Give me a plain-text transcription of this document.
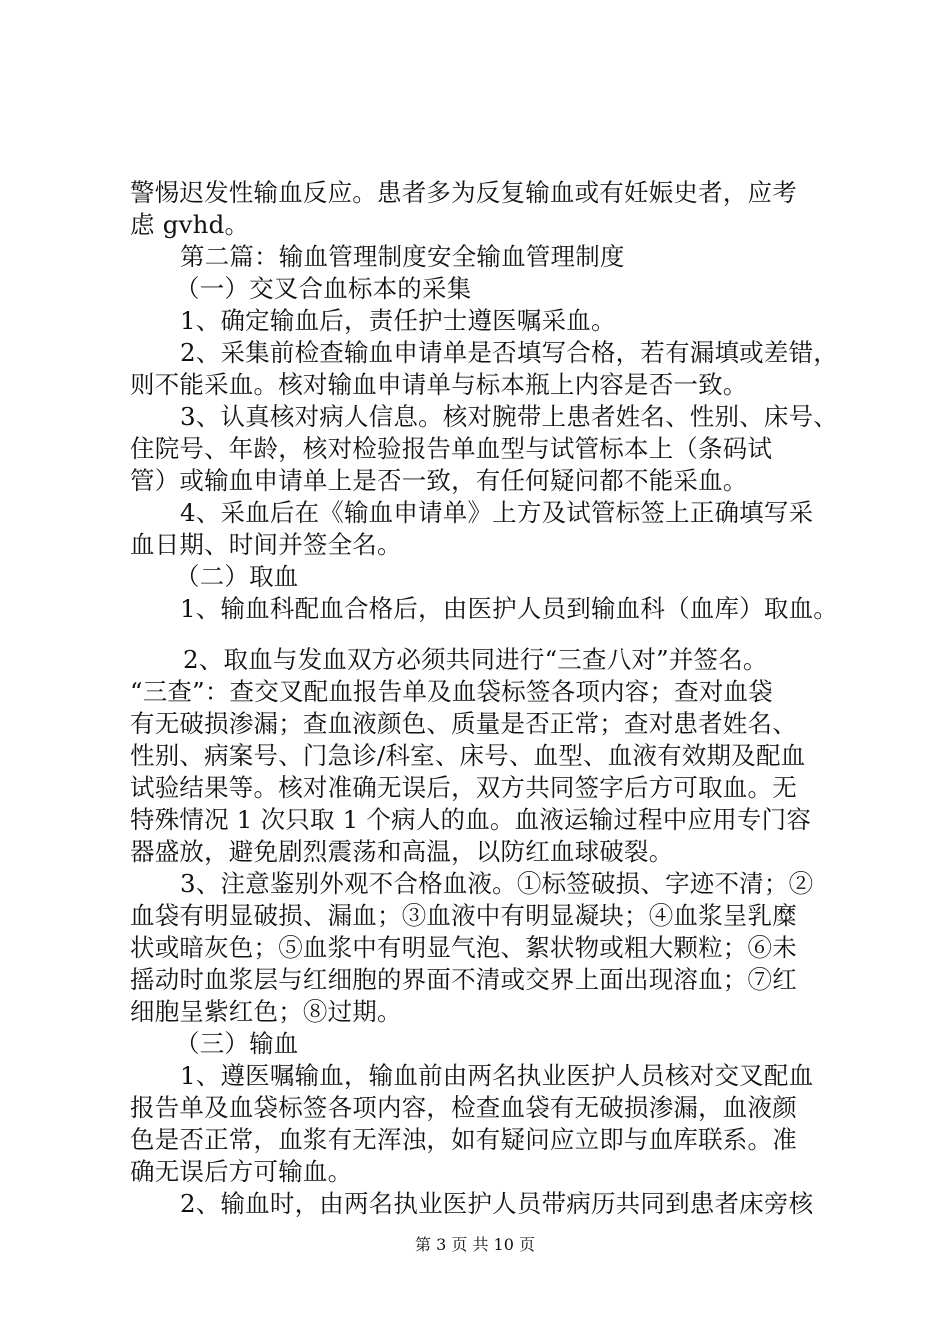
警惕迟发性输血反应。患者多为反复输血或有妊娠史者，应考
虑 gvhd。
第二篇：输血管理制度安全输血管理制度
（一）交叉合血标本的采集
1、确定输血后，责任护士遵医嘱采血。
2、采集前检查输血申请单是否填写合格，若有漏填或差错，
则不能采血。核对输血申请单与标本瓶上内容是否一致。
3、认真核对病人信息。核对腕带上患者姓名、性别、床号、
住院号、年龄，核对检验报告单血型与试管标本上（条码试
管）或输血申请单上是否一致，有任何疑问都不能采血。
4、采血后在《输血申请单》上方及试管标签上正确填写采
血日期、时间并签全名。
（二）取血
1、输血科配血合格后，由医护人员到输血科（血库）取血。
2、取血与发血双方必须共同进行“三查八对”并签名。
“三查”：查交叉配血报告单及血袋标签各项内容；查对血袋
有无破损渗漏；查血液颜色、质量是否正常；查对患者姓名、
性别、病案号、门急诊/科室、床号、血型、血液有效期及配血
试验结果等。核对准确无误后，双方共同签字后方可取血。无
特殊情况 1 次只取 1 个病人的血。血液运输过程中应用专门容
器盛放，避免剧烈震荡和高温，以防红血球破裂。
3、注意鉴别外观不合格血液。①标签破损、字迹不清；②
血袋有明显破损、漏血；③血液中有明显凝块；④血浆呈乳糜
状或暗灰色；⑤血浆中有明显气泡、絮状物或粗大颗粒；⑥未
摇动时血浆层与红细胞的界面不清或交界上面出现溶血；⑦红
细胞呈紫红色；⑧过期。
（三）输血
1、遵医嘱输血，输血前由两名执业医护人员核对交叉配血
报告单及血袋标签各项内容，检查血袋有无破损渗漏，血液颜
色是否正常，血浆有无浑浊，如有疑问应立即与血库联系。准
确无误后方可输血。
2、输血时，由两名执业医护人员带病历共同到患者床旁核
第 3 页 共 10 页
